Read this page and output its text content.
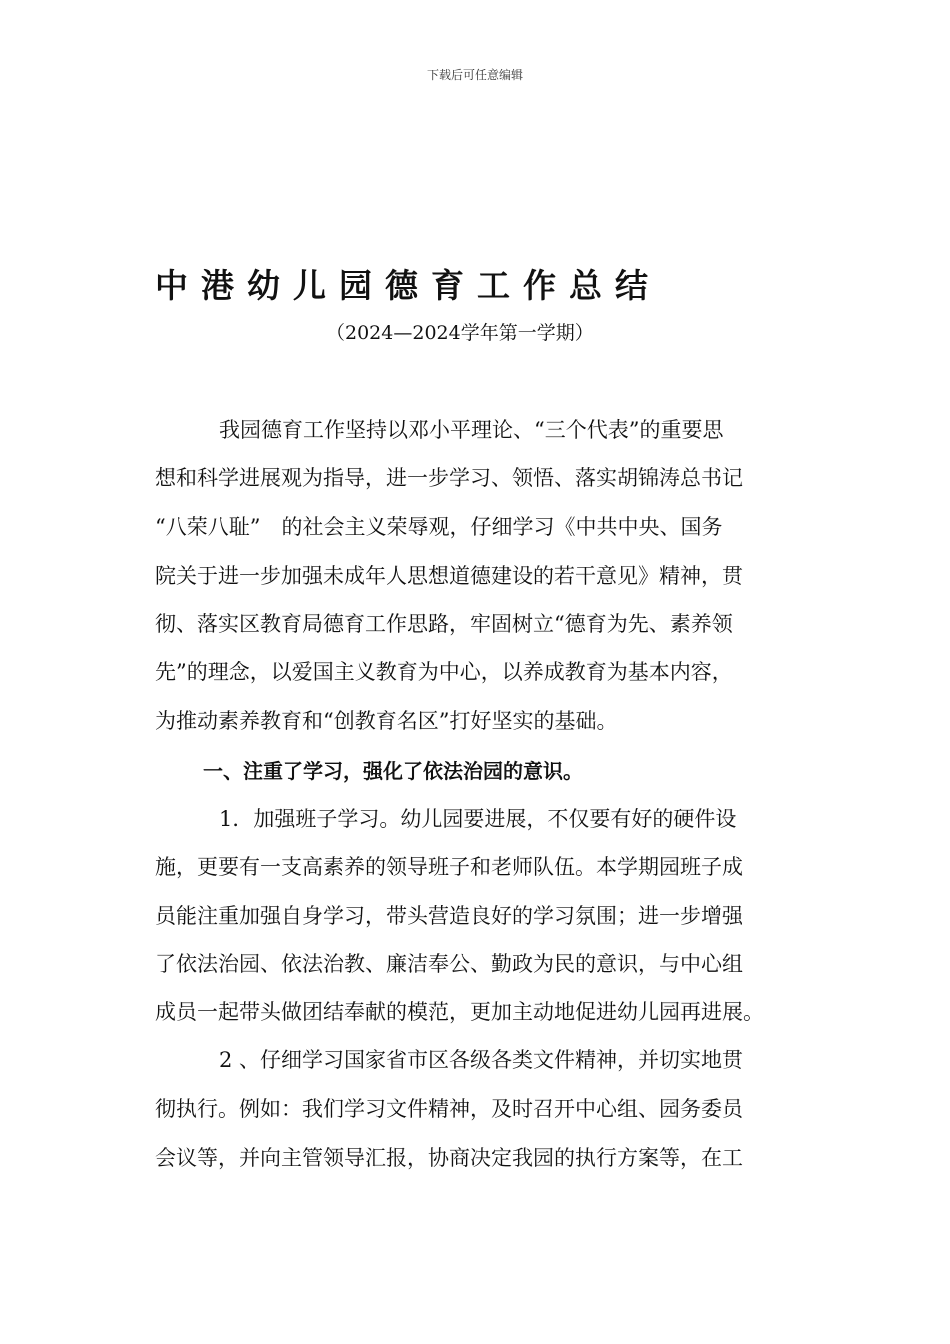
下载后可任意编辑
中港幼儿园德育工作总结
（2024—2024学年第一学期）
我园德育工作坚持以邓小平理论、“三个代表”的重要思
想和科学进展观为指导，进一步学习、领悟、落实胡锦涛总书记
“八荣八耻”　的社会主义荣辱观，仔细学习《中共中央、国务
院关于进一步加强未成年人思想道德建设的若干意见》精神，贯
彻、落实区教育局德育工作思路，牢固树立“德育为先、素养领
先”的理念，以爱国主义教育为中心，以养成教育为基本内容，
为推动素养教育和“创教育名区”打好坚实的基础。
一、注重了学习，强化了依法治园的意识。
1．加强班子学习。幼儿园要进展，不仅要有好的硬件设
施，更要有一支高素养的领导班子和老师队伍。本学期园班子成
员能注重加强自身学习，带头营造良好的学习氛围；进一步增强
了依法治园、依法治教、廉洁奉公、勤政为民的意识，与中心组
成员一起带头做团结奉献的模范，更加主动地促进幼儿园再进展。
2 、仔细学习国家省市区各级各类文件精神，并切实地贯
彻执行。例如：我们学习文件精神，及时召开中心组、园务委员
会议等，并向主管领导汇报，协商决定我园的执行方案等，在工
